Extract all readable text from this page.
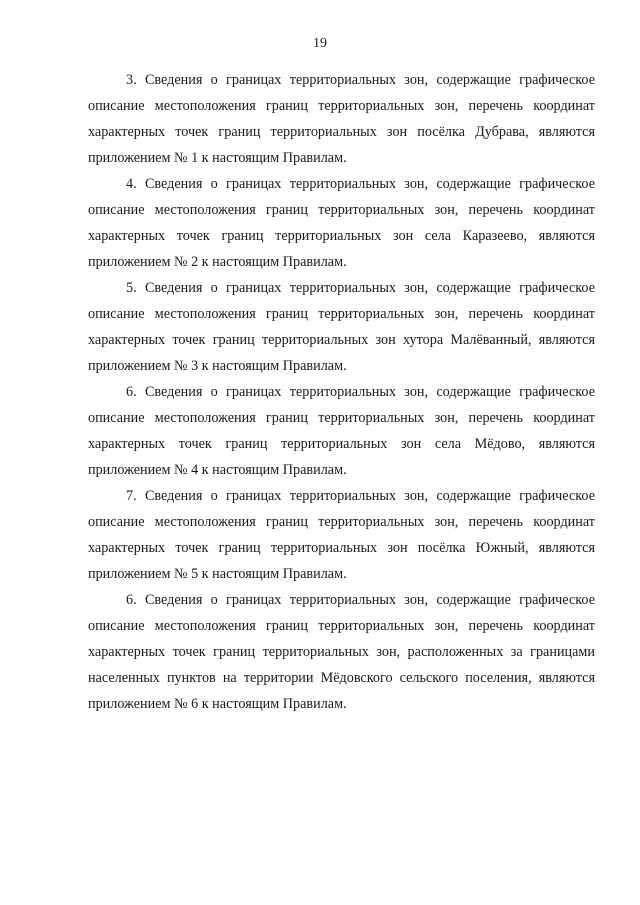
19

3. Сведения о границах территориальных зон, содержащие графическое описание местоположения границ территориальных зон, перечень координат характерных точек границ территориальных зон посёлка Дубрава, являются приложением № 1 к настоящим Правилам.

4. Сведения о границах территориальных зон, содержащие графическое описание местоположения границ территориальных зон, перечень координат характерных точек границ территориальных зон села Каразеево, являются приложением № 2 к настоящим Правилам.

5. Сведения о границах территориальных зон, содержащие графическое описание местоположения границ территориальных зон, перечень координат характерных точек границ территориальных зон хутора Малёванный, являются приложением № 3 к настоящим Правилам.

6. Сведения о границах территориальных зон, содержащие графическое описание местоположения границ территориальных зон, перечень координат характерных точек границ территориальных зон села Мёдово, являются приложением № 4 к настоящим Правилам.

7. Сведения о границах территориальных зон, содержащие графическое описание местоположения границ территориальных зон, перечень координат характерных точек границ территориальных зон посёлка Южный, являются приложением № 5 к настоящим Правилам.

6. Сведения о границах территориальных зон, содержащие графическое описание местоположения границ территориальных зон, перечень координат характерных точек границ территориальных зон, расположенных за границами населенных пунктов на территории Мёдовского сельского поселения, являются приложением № 6 к настоящим Правилам.
